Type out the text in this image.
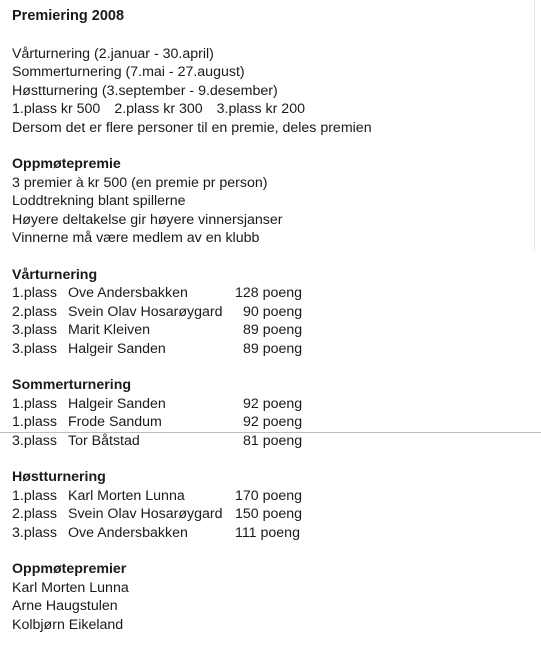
Premiering 2008
Vårturnering (2.januar - 30.april)
Sommerturnering (7.mai - 27.august)
Høstturnering (3.september - 9.desember)
1.plass kr 500 2.plass kr 300 3.plass kr 200
Dersom det er flere personer til en premie, deles premien
Oppmøtepremie
3 premier à kr 500 (en premie pr person)
Loddtrekning blant spillerne
Høyere deltakelse gir høyere vinnersjanser
Vinnerne må være medlem av en klubb
Vårturnering
1.plass Ove Andersbakken	128 poeng
2.plass Svein Olav Hosarøygard	90 poeng
3.plass Marit Kleiven	89 poeng
3.plass Halgeir Sanden	89 poeng
Sommerturnering
1.plass Halgeir Sanden	92 poeng
1.plass Frode Sandum	92 poeng
3.plass Tor Båtstad	81 poeng
Høstturnering
1.plass Karl Morten Lunna	170 poeng
2.plass Svein Olav Hosarøygard 150 poeng
3.plass Ove Andersbakken	111 poeng
Oppmøtepremier
Karl Morten Lunna
Arne Haugstulen
Kolbjørn Eikeland
